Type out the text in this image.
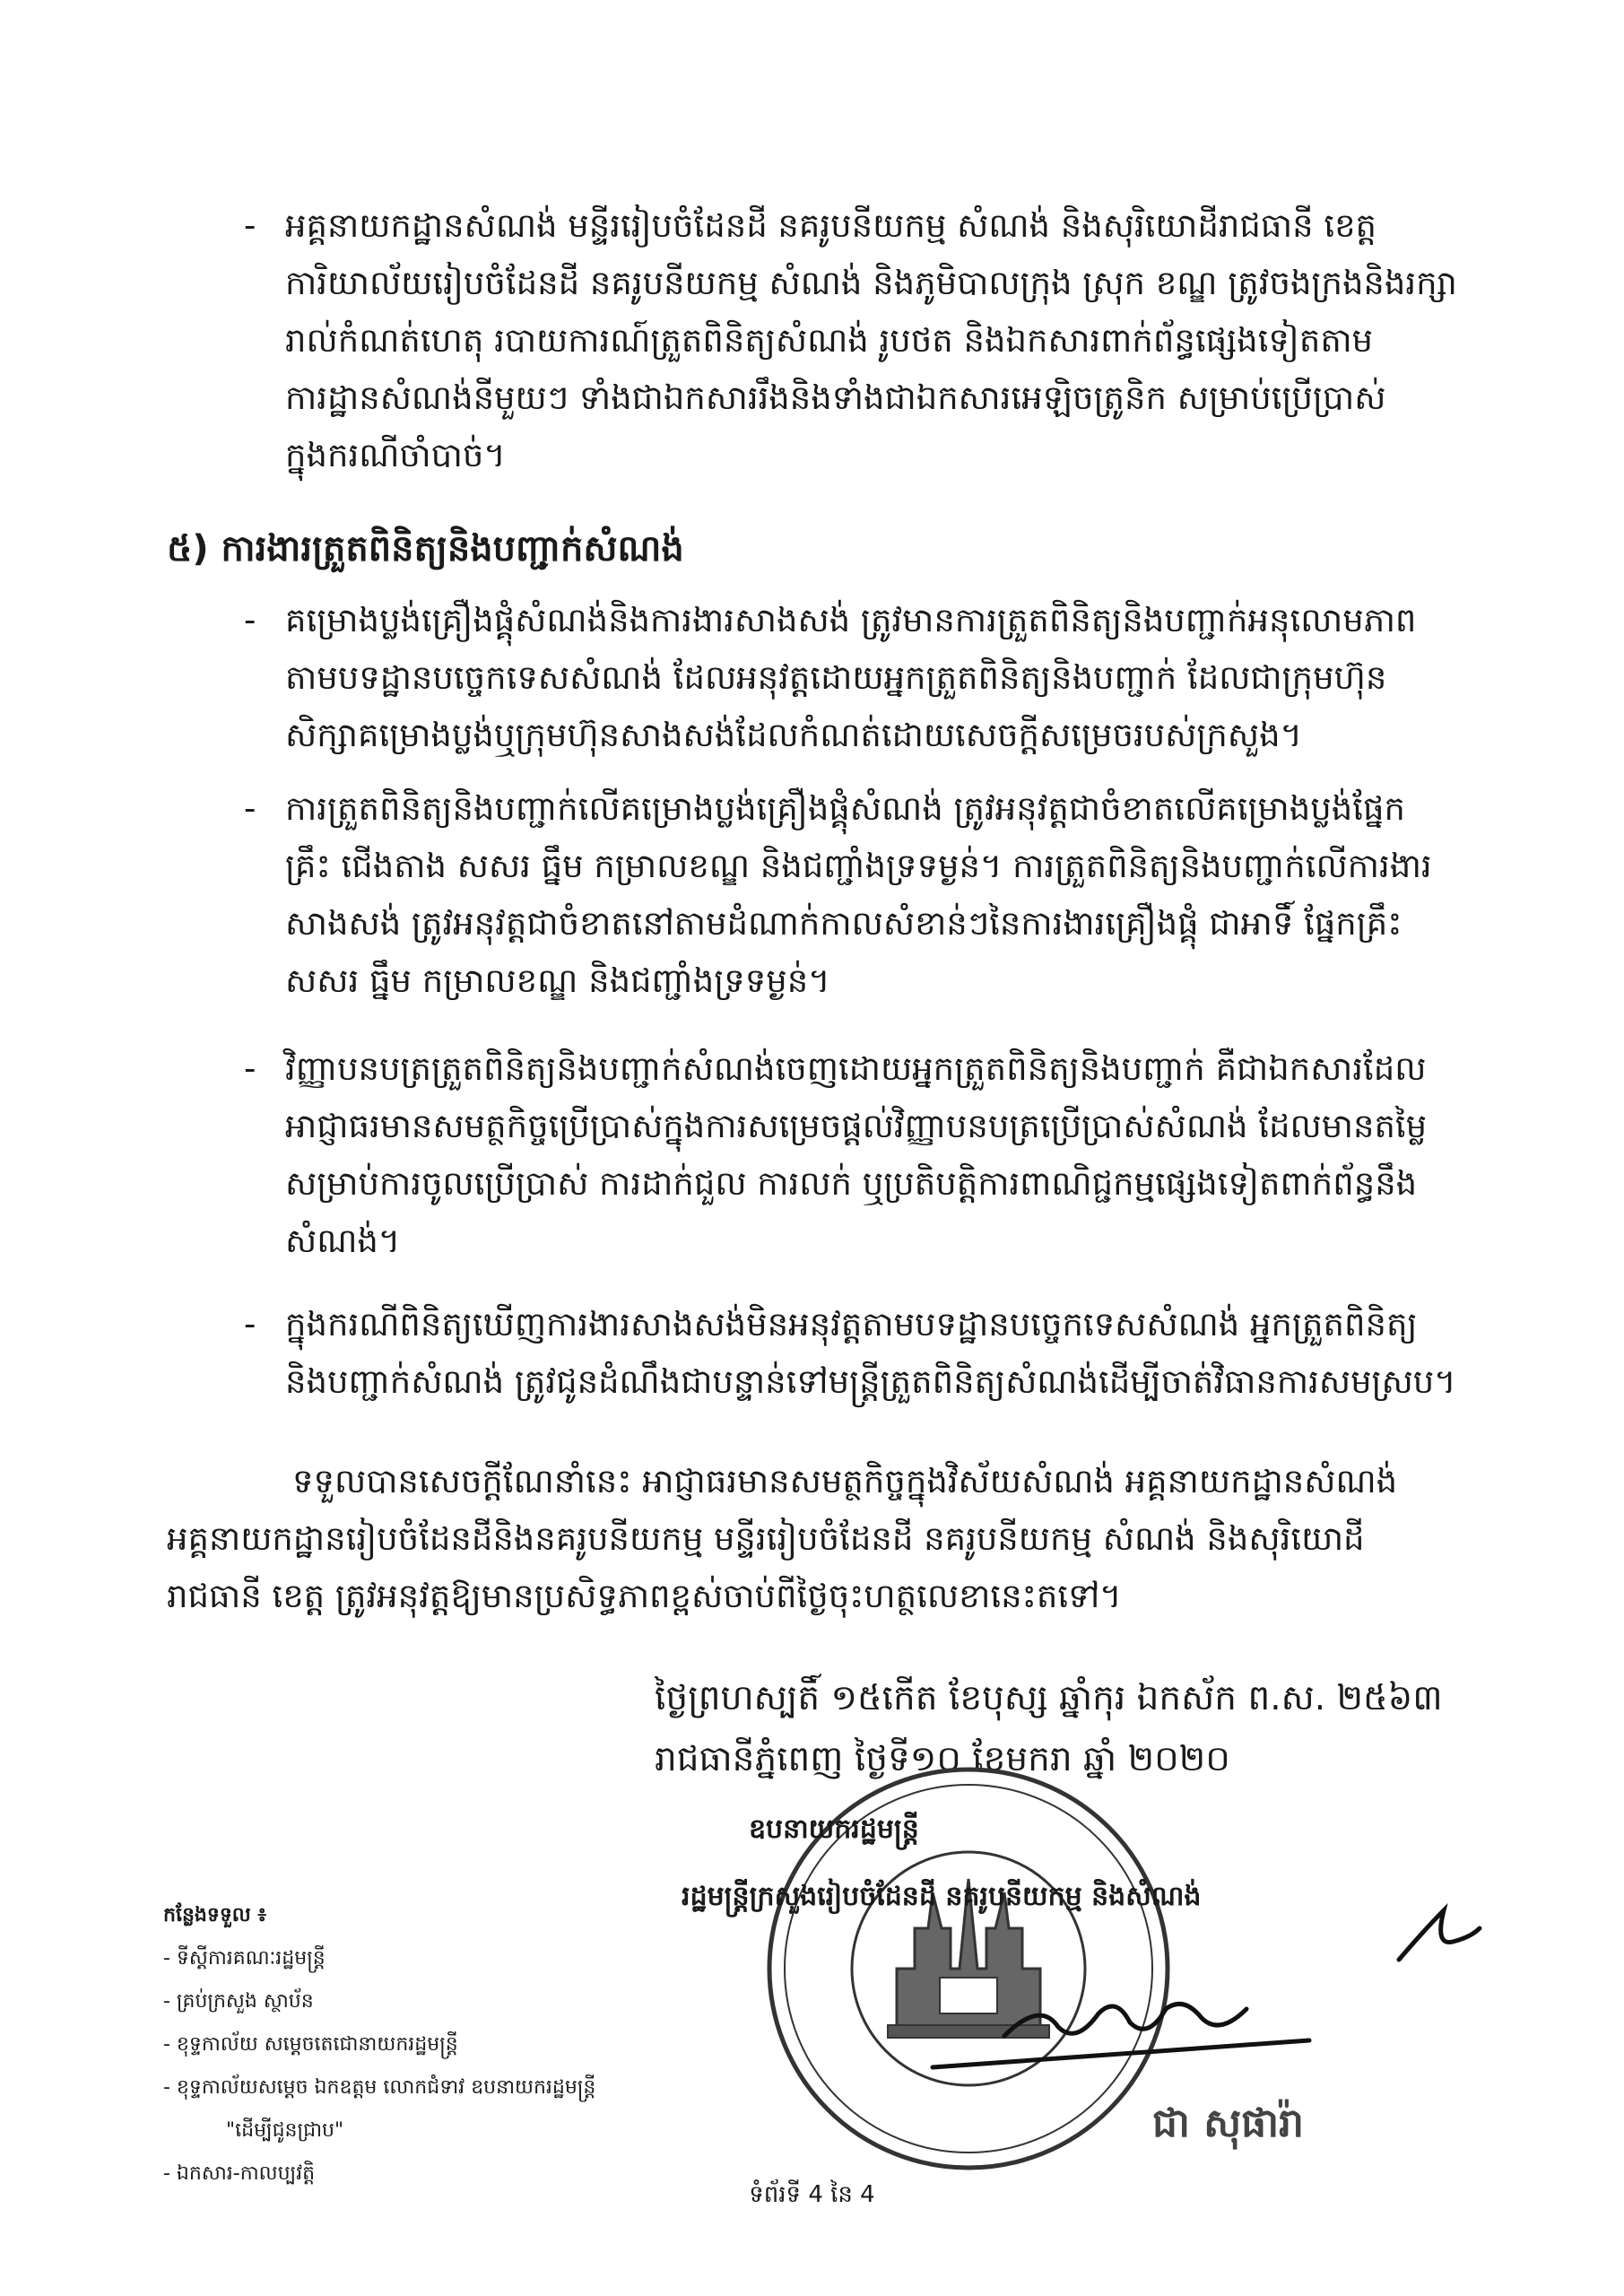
- អគ្គនាយកដ្ឋានសំណង់ មន្ទីររៀបចំដែនដី នគរូបនីយកម្ម សំណង់ និងសុរិយោដីរាជធានី ខេត្ត
ការិយាល័យរៀបចំដែនដី នគរូបនីយកម្ម សំណង់ និងភូមិបាលក្រុង ស្រុក ខណ្ឌ ត្រូវចងក្រងនិងរក្សា
រាល់កំណត់ហេតុ របាយការណ៍ត្រួតពិនិត្យសំណង់ រូបថត និងឯកសារពាក់ព័ន្ធផ្សេងទៀតតាម
ការដ្ឋានសំណង់នីមួយៗ ទាំងជាឯកសាររឹងនិងទាំងជាឯកសារអេឡិចត្រូនិក សម្រាប់ប្រើប្រាស់
ក្នុងករណីចាំបាច់។
៥) ការងារត្រួតពិនិត្យនិងបញ្ជាក់សំណង់
- គម្រោងប្លង់គ្រឿងផ្គុំសំណង់និងការងារសាងសង់ ត្រូវមានការត្រួតពិនិត្យនិងបញ្ជាក់អនុលោមភាព
តាមបទដ្ឋានបច្ចេកទេសសំណង់ ដែលអនុវត្តដោយអ្នកត្រួតពិនិត្យនិងបញ្ជាក់ ដែលជាក្រុមហ៊ុន
សិក្សាគម្រោងប្លង់ឬក្រុមហ៊ុនសាងសង់ដែលកំណត់ដោយសេចក្ដីសម្រេចរបស់ក្រសួង។
- ការត្រួតពិនិត្យនិងបញ្ជាក់លើគម្រោងប្លង់គ្រឿងផ្គុំសំណង់ ត្រូវអនុវត្តជាចំខាតលើគម្រោងប្លង់ផ្នែក
គ្រឹះ ជើងតាង សសរ ធ្នឹម កម្រាលខណ្ឌ និងជញ្ជាំងទ្រទម្ងន់។ ការត្រួតពិនិត្យនិងបញ្ជាក់លើការងារ
សាងសង់ ត្រូវអនុវត្តជាចំខាតនៅតាមដំណាក់កាលសំខាន់ៗនៃការងារគ្រឿងផ្គុំ ជាអាទិ៍ ផ្នែកគ្រឹះ
សសរ ធ្នឹម កម្រាលខណ្ឌ និងជញ្ជាំងទ្រទម្ងន់។
- វិញ្ញាបនបត្រត្រួតពិនិត្យនិងបញ្ជាក់សំណង់ចេញដោយអ្នកត្រួតពិនិត្យនិងបញ្ជាក់ គឺជាឯកសារដែល
អាជ្ញាធរមានសមត្ថកិច្ចប្រើប្រាស់ក្នុងការសម្រេចផ្ដល់វិញ្ញាបនបត្រប្រើប្រាស់សំណង់ ដែលមានតម្លៃ
សម្រាប់ការចូលប្រើប្រាស់ ការដាក់ជួល ការលក់ ឬប្រតិបត្តិការពាណិជ្ជកម្មផ្សេងទៀតពាក់ព័ន្ធនឹង
សំណង់។
- ក្នុងករណីពិនិត្យឃើញការងារសាងសង់មិនអនុវត្តតាមបទដ្ឋានបច្ចេកទេសសំណង់ អ្នកត្រួតពិនិត្យ
និងបញ្ជាក់សំណង់ ត្រូវជូនដំណឹងជាបន្ទាន់ទៅមន្ត្រីត្រួតពិនិត្យសំណង់ដើម្បីចាត់វិធានការសមស្រប។
ទទួលបានសេចក្ដីណែនាំនេះ អាជ្ញាធរមានសមត្ថកិច្ចក្នុងវិស័យសំណង់ អគ្គនាយកដ្ឋានសំណង់
អគ្គនាយកដ្ឋានរៀបចំដែនដីនិងនគរូបនីយកម្ម មន្ទីររៀបចំដែនដី នគរូបនីយកម្ម សំណង់ និងសុរិយោដី
រាជធានី ខេត្ត ត្រូវអនុវត្តឱ្យមានប្រសិទ្ធភាពខ្ពស់ចាប់ពីថ្ងៃចុះហត្ថលេខានេះតទៅ។
ថ្ងៃព្រហស្បតិ៍ ១៥កើត ខែបុស្ស ឆ្នាំកុរ ឯកស័ក ព.ស. ២៥៦៣
រាជធានីភ្នំពេញ ថ្ងៃទី១០ ខែមករា ឆ្នាំ ២០២០
ឧបនាយករដ្ឋមន្ត្រី
រដ្ឋមន្ត្រីក្រសួងរៀបចំដែនដី នគរូបនីយកម្ម និងសំណង់
ជា សុផារ៉ា
កន្លែងទទួល ៖
- ទីស្ដីការគណៈរដ្ឋមន្ត្រី
- គ្រប់ក្រសួង ស្ថាប័ន
- ខុទ្ទកាល័យ សម្ដេចតេជោនាយករដ្ឋមន្ត្រី
- ខុទ្ទកាល័យសម្ដេច ឯកឧត្ដម លោកជំទាវ ឧបនាយករដ្ឋមន្ត្រី
"ដើម្បីជូនជ្រាប"
- ឯកសារ-កាលប្បវត្តិ
ទំព័រទី 4 នៃ 4
